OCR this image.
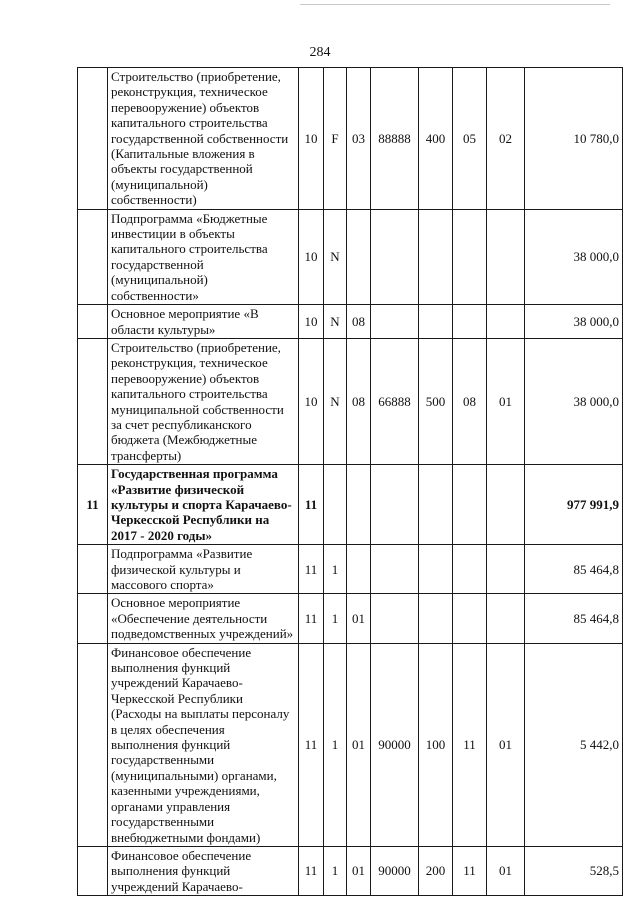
284
	Строительство (приобретение, реконструкция, техническое перевооружение) объектов капитального строительства государственной собственности (Капитальные вложения в объекты государственной (муниципальной) собственности)	10	F	03	88888	400	05	02	10 780,0
	Подпрограмма «Бюджетные инвестиции в объекты капитального строительства государственной (муниципальной) собственности»	10	N						38 000,0
	Основное мероприятие «В области культуры»	10	N	08					38 000,0
	Строительство (приобретение, реконструкция, техническое перевооружение) объектов капитального строительства муниципальной собственности за счет республиканского бюджета (Межбюджетные трансферты)	10	N	08	66888	500	08	01	38 000,0
11	Государственная программа «Развитие физической культуры и спорта Карачаево-Черкесской Республики на 2017 - 2020 годы»	11							977 991,9
	Подпрограмма «Развитие физической культуры и массового спорта»	11	1						85 464,8
	Основное мероприятие «Обеспечение деятельности подведомственных учреждений»	11	1	01					85 464,8
	Финансовое обеспечение выполнения функций учреждений Карачаево-Черкесской Республики (Расходы на выплаты персоналу в целях обеспечения выполнения функций государственными (муниципальными) органами, казенными учреждениями, органами управления государственными внебюджетными фондами)	11	1	01	90000	100	11	01	5 442,0
	Финансовое обеспечение выполнения функций учреждений Карачаево-	11	1	01	90000	200	11	01	528,5
